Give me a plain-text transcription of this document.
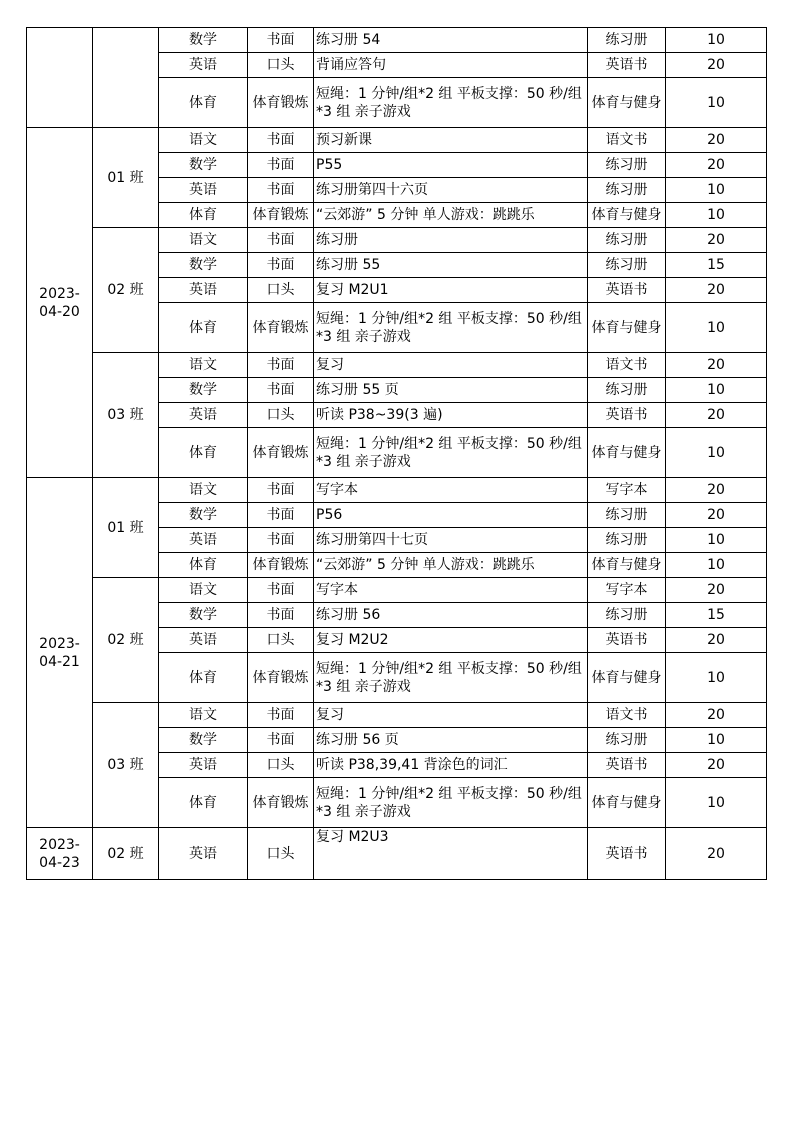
		数学	书面	练习册 54	练习册	10
		英语	口头	背诵应答句	英语书	20
		体育	体育锻炼	短绳：1 分钟/组*2 组 平板支撑：50 秒/组*3 组 亲子游戏	体育与健身	10
2023-04-20	01 班	语文	书面	预习新课	语文书	20
		数学	书面	P55	练习册	20
		英语	书面	练习册第四十六页	练习册	10
		体育	体育锻炼	“云郊游” 5 分钟 单人游戏：跳跳乐	体育与健身	10
	02 班	语文	书面	练习册	练习册	20
		数学	书面	练习册 55	练习册	15
		英语	口头	复习 M2U1	英语书	20
		体育	体育锻炼	短绳：1 分钟/组*2 组 平板支撑：50 秒/组*3 组 亲子游戏	体育与健身	10
	03 班	语文	书面	复习	语文书	20
		数学	书面	练习册 55 页	练习册	10
		英语	口头	听读 P38~39(3 遍)	英语书	20
		体育	体育锻炼	短绳：1 分钟/组*2 组 平板支撑：50 秒/组*3 组 亲子游戏	体育与健身	10
2023-04-21	01 班	语文	书面	写字本	写字本	20
		数学	书面	P56	练习册	20
		英语	书面	练习册第四十七页	练习册	10
		体育	体育锻炼	“云郊游” 5 分钟 单人游戏：跳跳乐	体育与健身	10
	02 班	语文	书面	写字本	写字本	20
		数学	书面	练习册 56	练习册	15
		英语	口头	复习 M2U2	英语书	20
		体育	体育锻炼	短绳：1 分钟/组*2 组 平板支撑：50 秒/组*3 组 亲子游戏	体育与健身	10
	03 班	语文	书面	复习	语文书	20
		数学	书面	练习册 56 页	练习册	10
		英语	口头	听读 P38,39,41 背涂色的词汇	英语书	20
		体育	体育锻炼	短绳：1 分钟/组*2 组 平板支撑：50 秒/组*3 组 亲子游戏	体育与健身	10
2023-04-23	02 班	英语	口头	复习 M2U3	英语书	20
